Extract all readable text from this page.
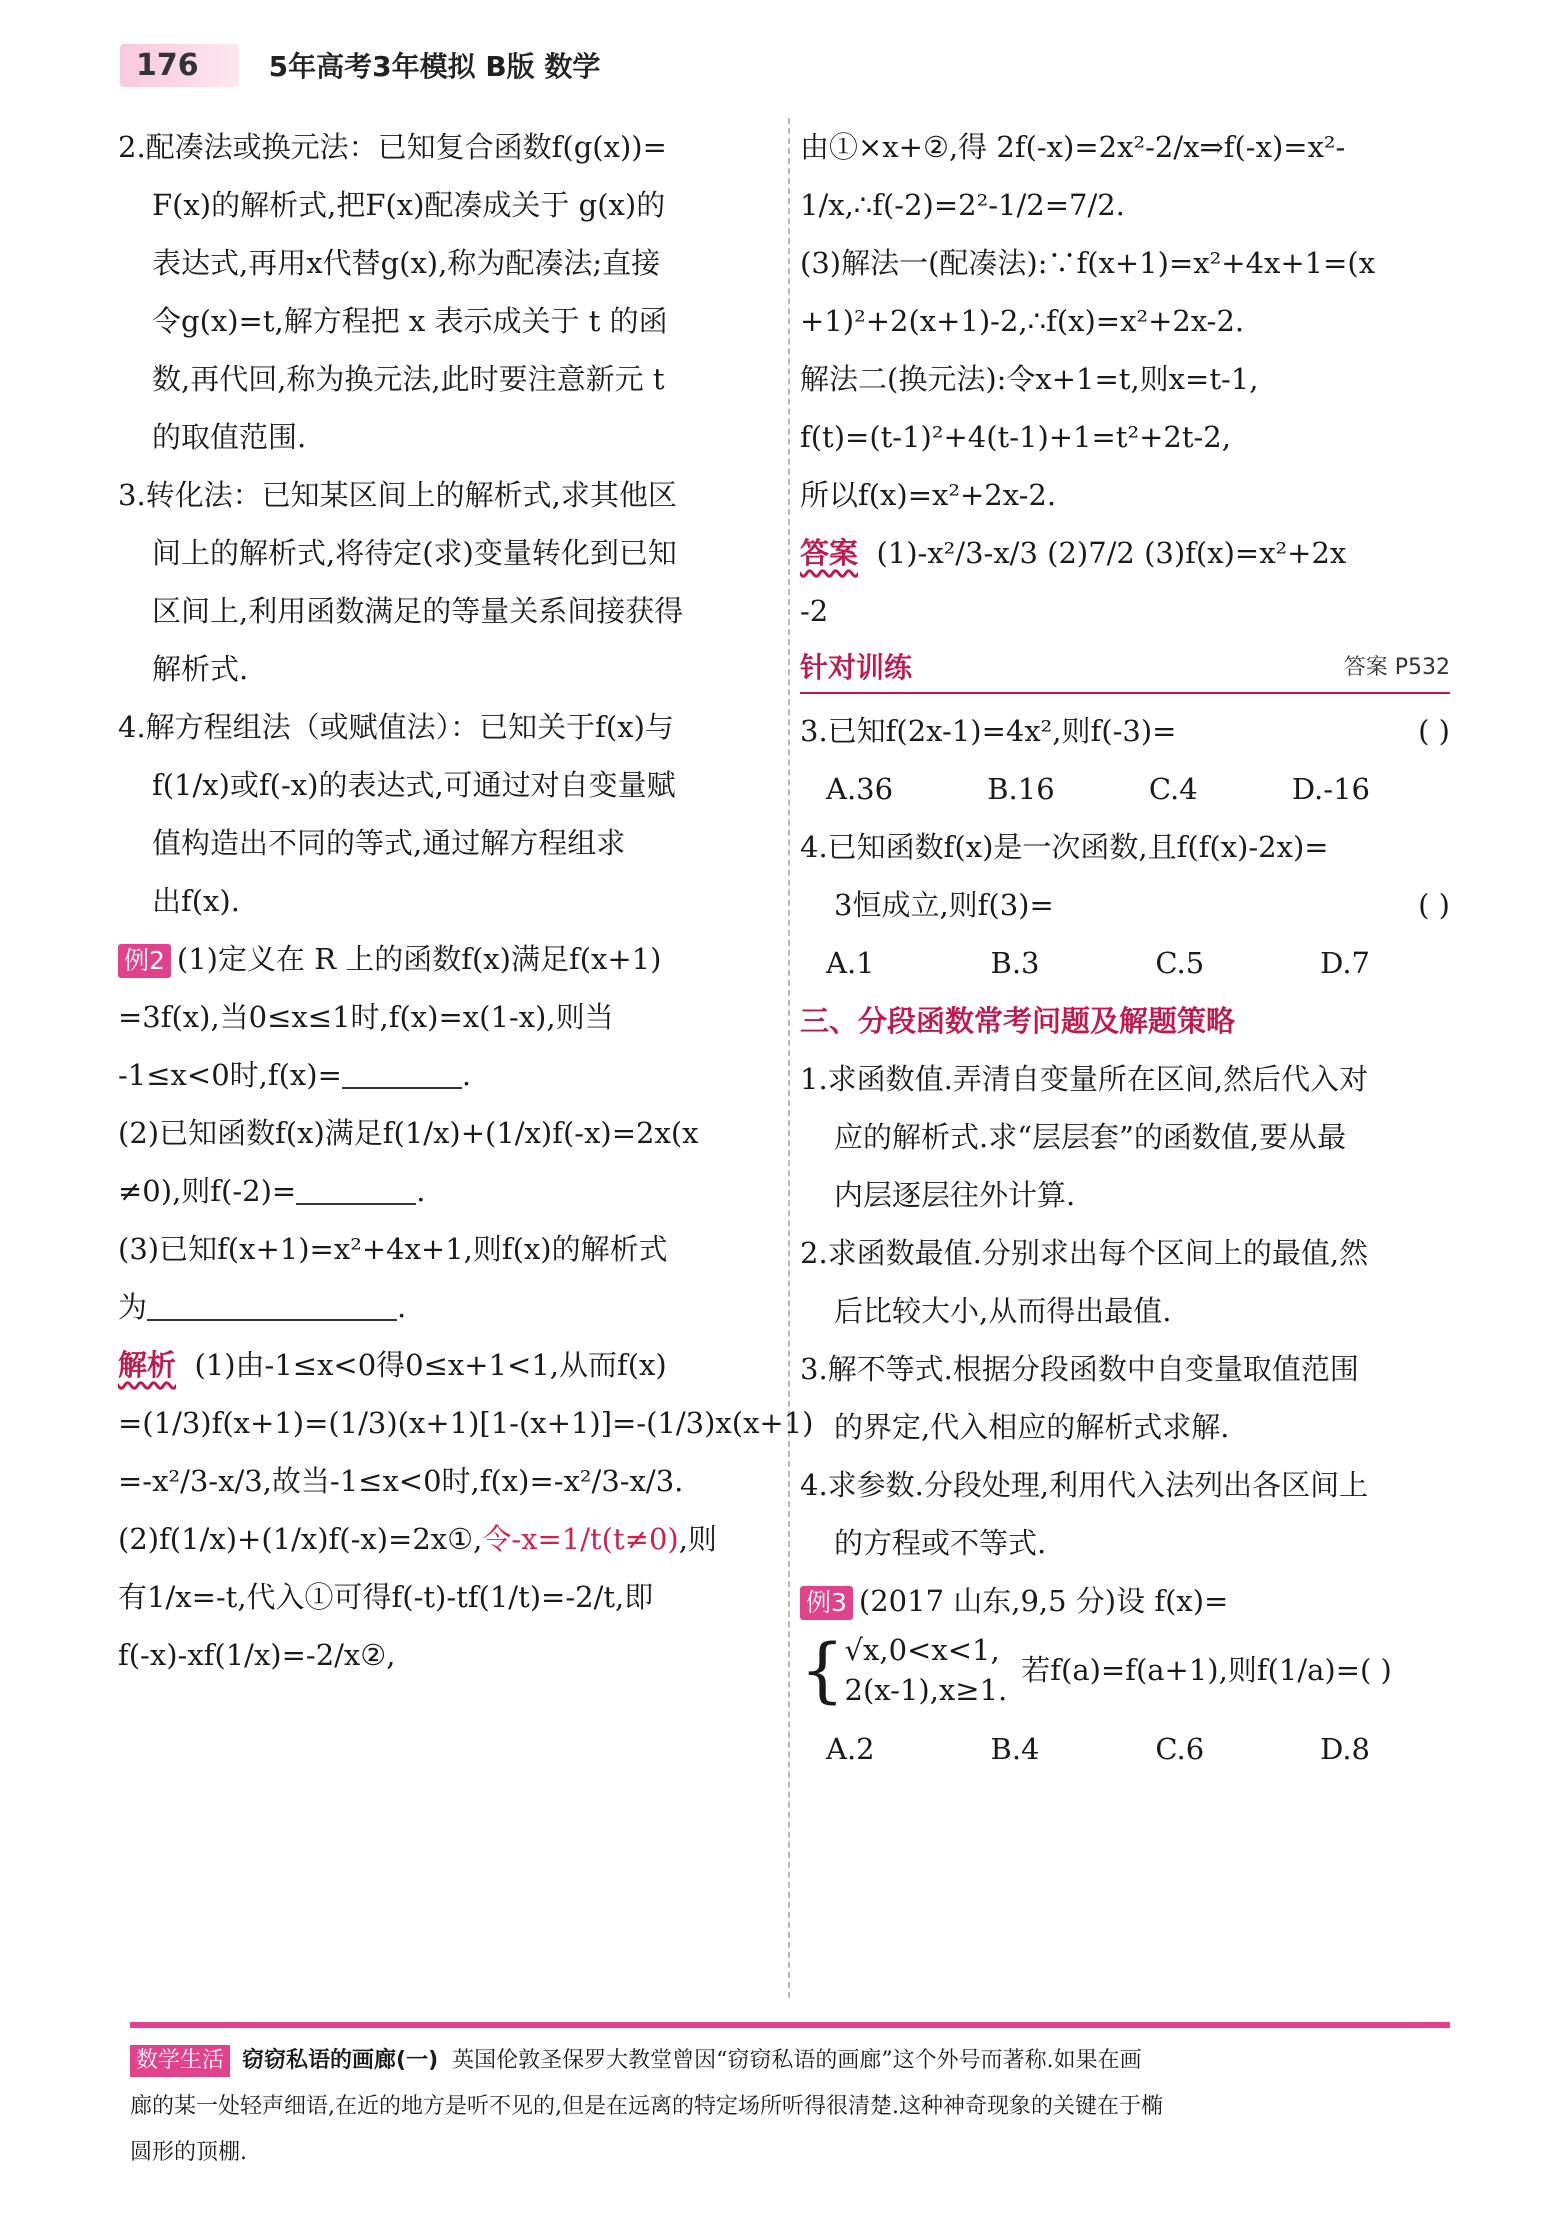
176	5年高考3年模拟 B版 数学
2.配凑法或换元法：已知复合函数f(g(x))=
F(x)的解析式,把F(x)配凑成关于 g(x)的
表达式,再用x代替g(x),称为配凑法;直接
令g(x)=t,解方程把 x 表示成关于 t 的函
数,再代回,称为换元法,此时要注意新元 t
的取值范围.
3.转化法：已知某区间上的解析式,求其他区
间上的解析式,将待定(求)变量转化到已知
区间上,利用函数满足的等量关系间接获得
解析式.
4.解方程组法（或赋值法）：已知关于f(x)与
f(1/x)或f(-x)的表达式,可通过对自变量赋
值构造出不同的等式,通过解方程组求
出f(x).
例2 (1)定义在 R 上的函数f(x)满足f(x+1)
=3f(x),当0≤x≤1时,f(x)=x(1-x),则当
-1≤x<0时,f(x)=	.
(2)已知函数f(x)满足f(1/x)+(1/x)f(-x)=2x(x
≠0),则f(-2)=	.
(3)已知f(x+1)=x²+4x+1,则f(x)的解析式
为	.
解析 (1)由-1≤x<0得0≤x+1<1,从而f(x)
=(1/3)f(x+1)=(1/3)(x+1)[1-(x+1)]=-(1/3)x(x+1)
=-x²/3-x/3,故当-1≤x<0时,f(x)=-x²/3-x/3.
(2)f(1/x)+(1/x)f(-x)=2x①,令-x=1/t(t≠0),则
有1/x=-t,代入①可得f(-t)-tf(1/t)=-2/t,即
f(-x)-xf(1/x)=-2/x②,
由①×x+②,得 2f(-x)=2x²-2/x⇒f(-x)=x²-
1/x,∴f(-2)=2²-1/2=7/2.
(3)解法一(配凑法):∵f(x+1)=x²+4x+1=(x
+1)²+2(x+1)-2,∴f(x)=x²+2x-2.
解法二(换元法):令x+1=t,则x=t-1,
f(t)=(t-1)²+4(t-1)+1=t²+2t-2,
所以f(x)=x²+2x-2.
答案 (1)-x²/3-x/3 (2)7/2 (3)f(x)=x²+2x
-2
针对训练	答案 P532
3.已知f(2x-1)=4x²,则f(-3)=	( )
A.36	B.16	C.4	D.-16
4.已知函数f(x)是一次函数,且f(f(x)-2x)=
3恒成立,则f(3)=	( )
A.1	B.3	C.5	D.7
三、分段函数常考问题及解题策略
1.求函数值.弄清自变量所在区间,然后代入对
应的解析式.求“层层套”的函数值,要从最
内层逐层往外计算.
2.求函数最值.分别求出每个区间上的最值,然
后比较大小,从而得出最值.
3.解不等式.根据分段函数中自变量取值范围
的界定,代入相应的解析式求解.
4.求参数.分段处理,利用代入法列出各区间上
的方程或不等式.
例3 (2017 山东,9,5 分)设 f(x)=
{ √x,0<x<1,
2(x-1),x≥1.
若f(a)=f(a+1),则f(1/a)=( )
A.2	B.4	C.6	D.8
数学生活 窃窃私语的画廊(一) 英国伦敦圣保罗大教堂曾因“窃窃私语的画廊”这个外号而著称.如果在画
廊的某一处轻声细语,在近的地方是听不见的,但是在远离的特定场所听得很清楚.这种神奇现象的关键在于椭
圆形的顶棚.
